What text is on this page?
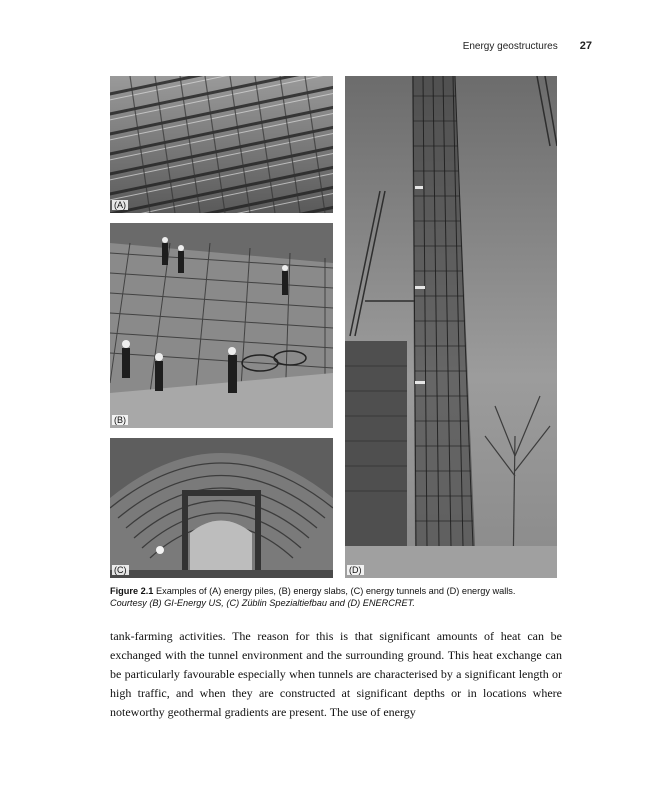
Energy geostructures 27
(A)
(B)
(C)	(D)
Figure 2.1 Examples of (A) energy piles, (B) energy slabs, (C) energy tunnels and (D) energy walls.
Courtesy (B) GI-Energy US, (C) Züblin Spezialtiefbau and (D) ENERCRET.

tank-farming activities. The reason for this is that significant amounts of heat can be exchanged with the tunnel environment and the surrounding ground. This heat exchange can be particularly favourable especially when tunnels are characterised by a significant length or high traffic, and when they are constructed at significant depths or in locations where noteworthy geothermal gradients are present. The use of energy
